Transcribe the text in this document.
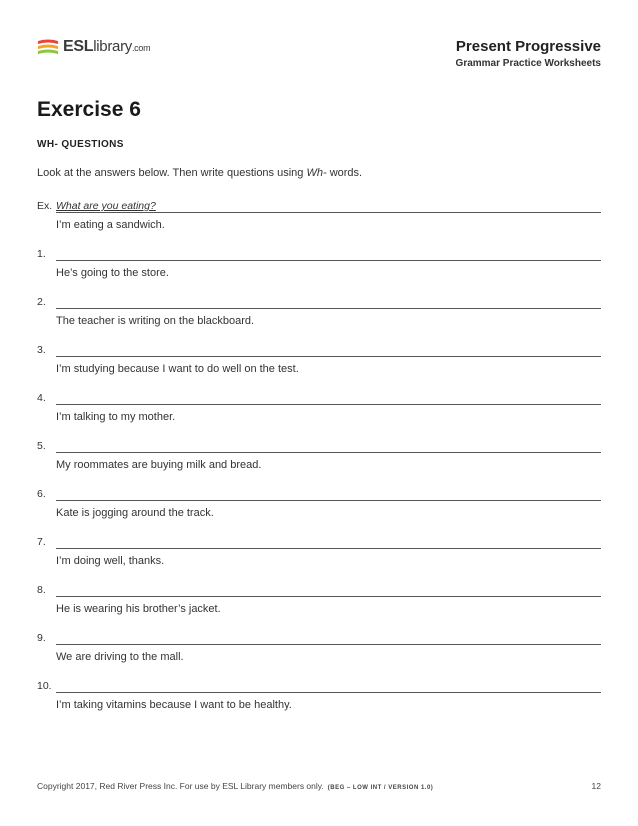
ESLlibrary.com	Present Progressive
Grammar Practice Worksheets
Exercise 6
WH- QUESTIONS
Look at the answers below. Then write questions using Wh- words.
Ex. What are you eating?
I’m eating a sandwich.
1.
He’s going to the store.
2.
The teacher is writing on the blackboard.
3.
I’m studying because I want to do well on the test.
4.
I’m talking to my mother.
5.
My roommates are buying milk and bread.
6.
Kate is jogging around the track.
7.
I’m doing well, thanks.
8.
He is wearing his brother’s jacket.
9.
We are driving to the mall.
10.
I’m taking vitamins because I want to be healthy.
Copyright 2017, Red River Press Inc. For use by ESL Library members only. (BEG – LOW INT / VERSION 1.0)	12
